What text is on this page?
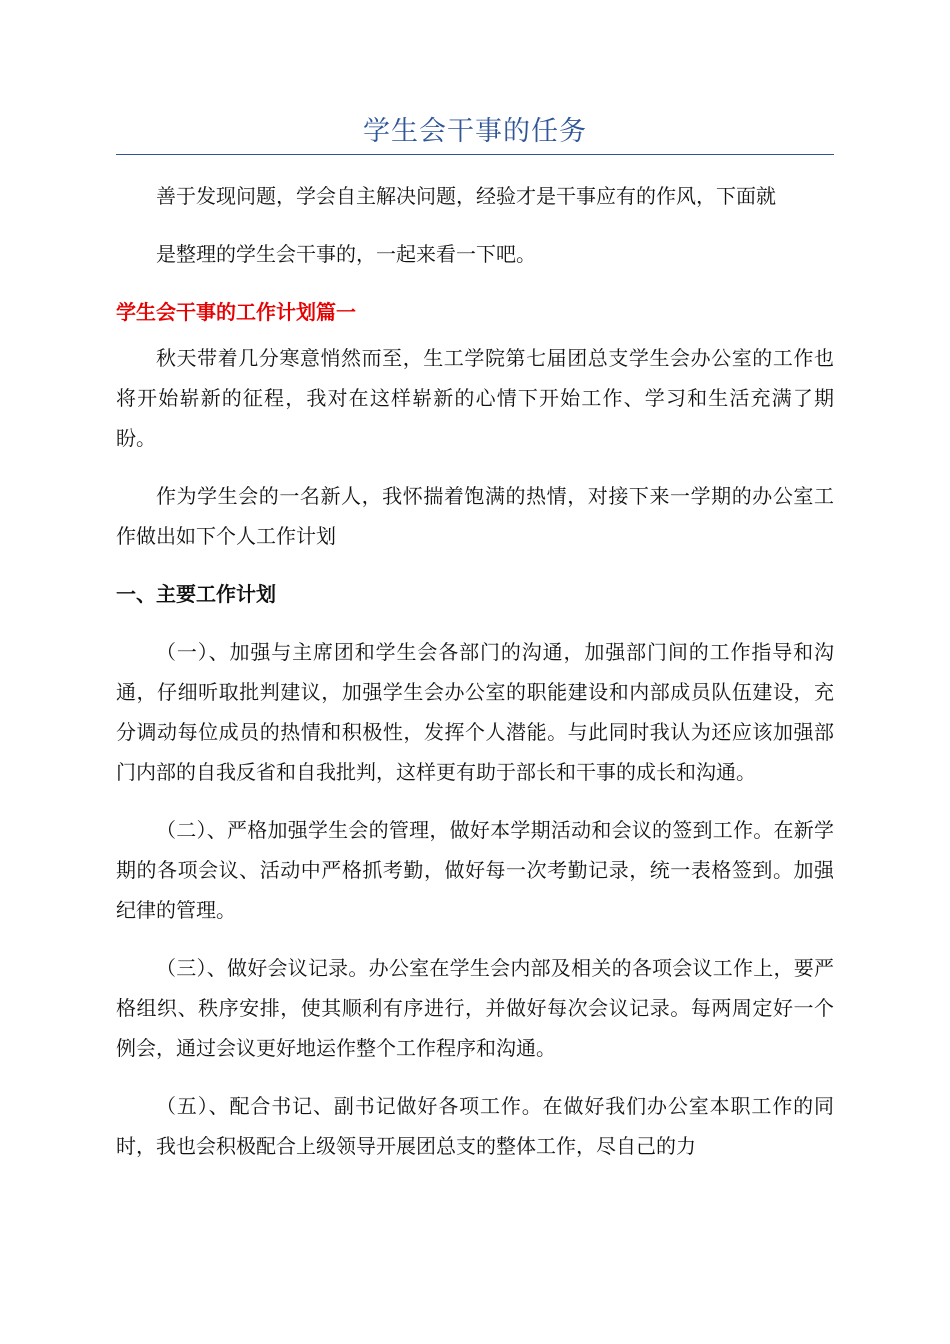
学生会干事的任务

善于发现问题，学会自主解决问题，经验才是干事应有的作风，下面就

是整理的学生会干事的，一起来看一下吧。

学生会干事的工作计划篇一

秋天带着几分寒意悄然而至，生工学院第七届团总支学生会办公室的工作也将开始崭新的征程，我对在这样崭新的心情下开始工作、学习和生活充满了期盼。

作为学生会的一名新人，我怀揣着饱满的热情，对接下来一学期的办公室工作做出如下个人工作计划

一、主要工作计划

（一）、加强与主席团和学生会各部门的沟通，加强部门间的工作指导和沟通，仔细听取批判建议，加强学生会办公室的职能建设和内部成员队伍建设，充分调动每位成员的热情和积极性，发挥个人潜能。与此同时我认为还应该加强部门内部的自我反省和自我批判，这样更有助于部长和干事的成长和沟通。

（二）、严格加强学生会的管理，做好本学期活动和会议的签到工作。在新学期的各项会议、活动中严格抓考勤，做好每一次考勤记录，统一表格签到。加强纪律的管理。

（三）、做好会议记录。办公室在学生会内部及相关的各项会议工作上，要严格组织、秩序安排，使其顺利有序进行，并做好每次会议记录。每两周定好一个例会，通过会议更好地运作整个工作程序和沟通。

（五）、配合书记、副书记做好各项工作。在做好我们办公室本职工作的同时，我也会积极配合上级领导开展团总支的整体工作，尽自己的力
